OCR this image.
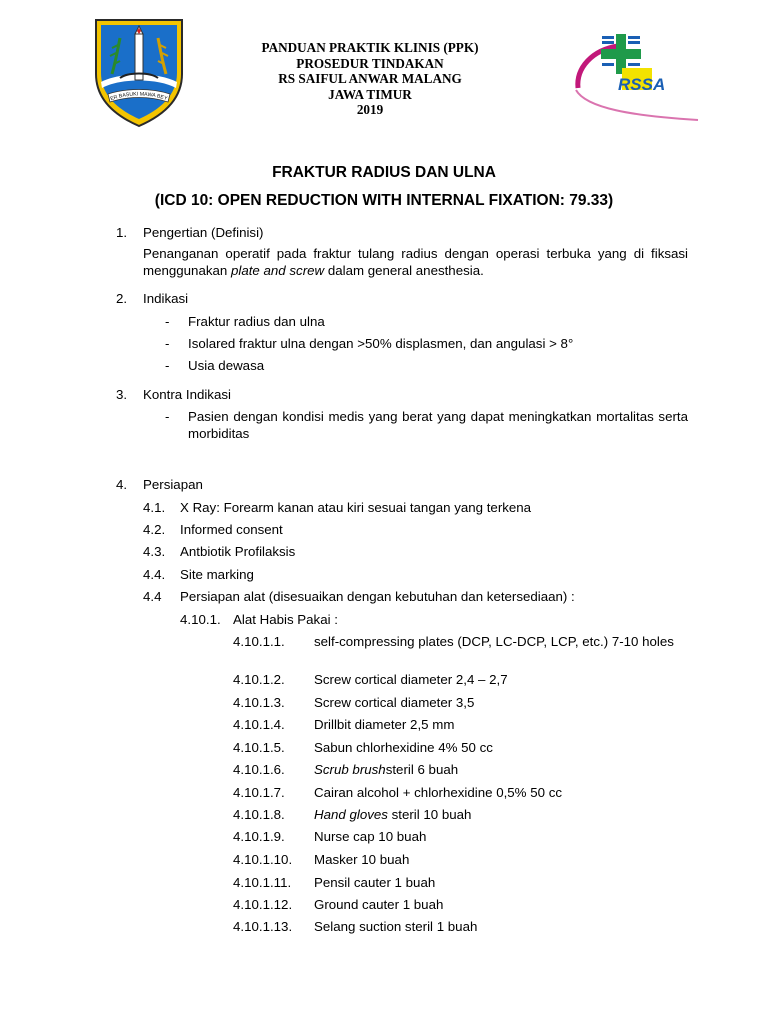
ER BASUKI MAWA BEY
PANDUAN PRAKTIK KLINIS (PPK)
PROSEDUR TINDAKAN
RS SAIFUL ANWAR MALANG
JAWA TIMUR
2019
RSSA
FRAKTUR RADIUS DAN ULNA
(ICD 10: OPEN REDUCTION WITH INTERNAL FIXATION: 79.33)
1. Pengertian (Definisi)
Penanganan operatif pada fraktur tulang radius dengan operasi terbuka yang di fiksasi menggunakan plate and screw dalam general anesthesia.
2. Indikasi
- Fraktur radius dan ulna
- Isolared fraktur ulna dengan >50% displasmen, dan angulasi > 8°
- Usia dewasa
3. Kontra Indikasi
- Pasien dengan kondisi medis yang berat yang dapat meningkatkan mortalitas serta morbiditas
4. Persiapan
4.1. X Ray: Forearm kanan atau kiri sesuai tangan yang terkena
4.2. Informed consent
4.3. Antbiotik Profilaksis
4.4. Site marking
4.4 Persiapan alat (disesuaikan dengan kebutuhan dan ketersediaan) :
4.10.1. Alat Habis Pakai :
4.10.1.1. self-compressing plates (DCP, LC-DCP, LCP, etc.) 7-10 holes
4.10.1.2. Screw cortical diameter 2,4 – 2,7
4.10.1.3. Screw cortical diameter 3,5
4.10.1.4. Drillbit diameter 2,5 mm
4.10.1.5. Sabun chlorhexidine 4% 50 cc
4.10.1.6. Scrub brushsteril 6 buah
4.10.1.7. Cairan alcohol + chlorhexidine 0,5% 50 cc
4.10.1.8. Hand gloves steril 10 buah
4.10.1.9. Nurse cap 10 buah
4.10.1.10. Masker 10 buah
4.10.1.11. Pensil cauter 1 buah
4.10.1.12. Ground cauter 1 buah
4.10.1.13. Selang suction steril 1 buah
